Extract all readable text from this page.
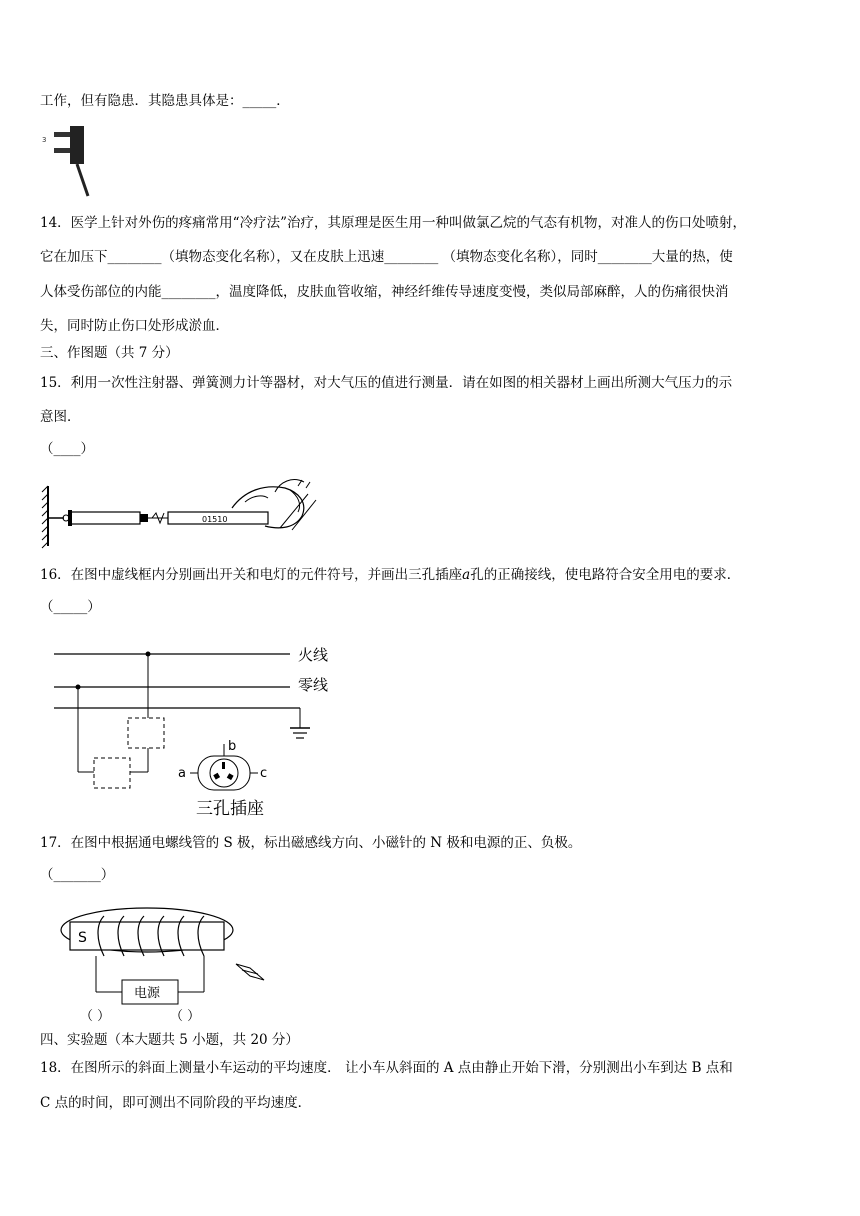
工作，但有隐患．其隐患具体是：_____．
3
14．医学上针对外伤的疼痛常用“冷疗法”治疗，其原理是医生用一种叫做氯乙烷的气态有机物，对准人的伤口处喷射，
它在加压下________（填物态变化名称），又在皮肤上迅速________ （填物态变化名称），同时________大量的热，使
人体受伤部位的内能________，温度降低，皮肤血管收缩，神经纤维传导速度变慢，类似局部麻醉，人的伤痛很快消
失，同时防止伤口处形成淤血．
三、作图题（共 7 分）
15．利用一次性注射器、弹簧测力计等器材，对大气压的值进行测量．请在如图的相关器材上画出所测大气压力的示
意图．
（____）
01510
16．在图中虚线框内分别画出开关和电灯的元件符号，并画出三孔插座𝑎孔的正确接线，使电路符合安全用电的要求．
（_____）
火线
零线
a
b
c
三孔插座
17．在图中根据通电螺线管的 S 极，标出磁感线方向、小磁针的 N 极和电源的正、负极。
（_______）
S
电源
（ ）	（ ）
四、实验题（本大题共 5 小题，共 20 分）
18．在图所示的斜面上测量小车运动的平均速度． 让小车从斜面的 A 点由静止开始下滑，分别测出小车到达 B 点和
C 点的时间，即可测出不同阶段的平均速度．
